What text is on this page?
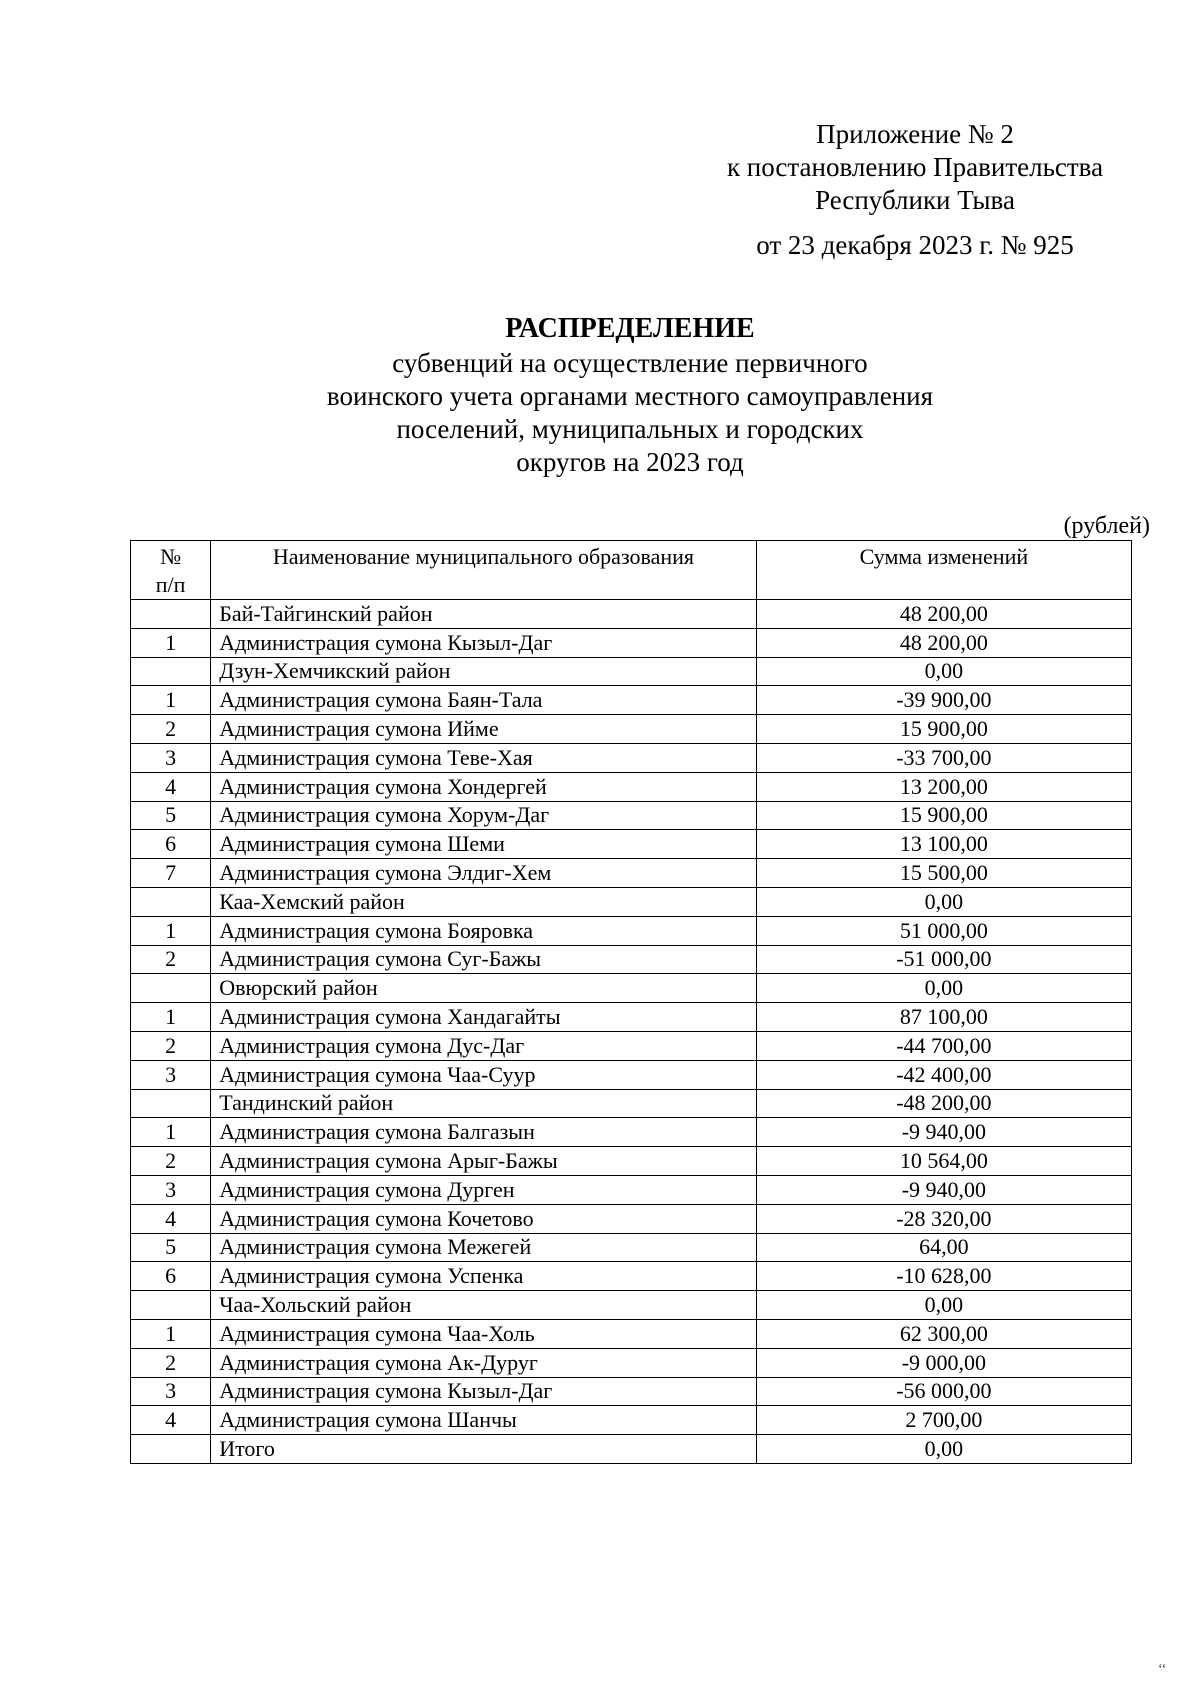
Приложение № 2
к постановлению Правительства
Республики Тыва
от 23 декабря 2023 г. № 925
РАСПРЕДЕЛЕНИЕ
субвенций на осуществление первичного
воинского учета органами местного самоуправления
поселений, муниципальных и городских
округов на 2023 год
(рублей)
№
п/п	Наименование муниципального образования	Сумма изменений
	Бай-Тайгинский район	48 200,00
1	Администрация сумона Кызыл-Даг	48 200,00
	Дзун-Хемчикский район	0,00
1	Администрация сумона Баян-Тала	-39 900,00
2	Администрация сумона Ийме	15 900,00
3	Администрация сумона Теве-Хая	-33 700,00
4	Администрация сумона Хондергей	13 200,00
5	Администрация сумона Хорум-Даг	15 900,00
6	Администрация сумона Шеми	13 100,00
7	Администрация сумона Элдиг-Хем	15 500,00
	Каа-Хемский район	0,00
1	Администрация сумона Бояровка	51 000,00
2	Администрация сумона Суг-Бажы	-51 000,00
	Овюрский район	0,00
1	Администрация сумона Хандагайты	87 100,00
2	Администрация сумона Дус-Даг	-44 700,00
3	Администрация сумона Чаа-Суур	-42 400,00
	Тандинский район	-48 200,00
1	Администрация сумона Балгазын	-9 940,00
2	Администрация сумона Арыг-Бажы	10 564,00
3	Администрация сумона Дурген	-9 940,00
4	Администрация сумона Кочетово	-28 320,00
5	Администрация сумона Межегей	64,00
6	Администрация сумона Успенка	-10 628,00
	Чаа-Хольский район	0,00
1	Администрация сумона Чаа-Холь	62 300,00
2	Администрация сумона Ак-Дуруг	-9 000,00
3	Администрация сумона Кызыл-Даг	-56 000,00
4	Администрация сумона Шанчы	2 700,00
	Итого	0,00
‘‘
